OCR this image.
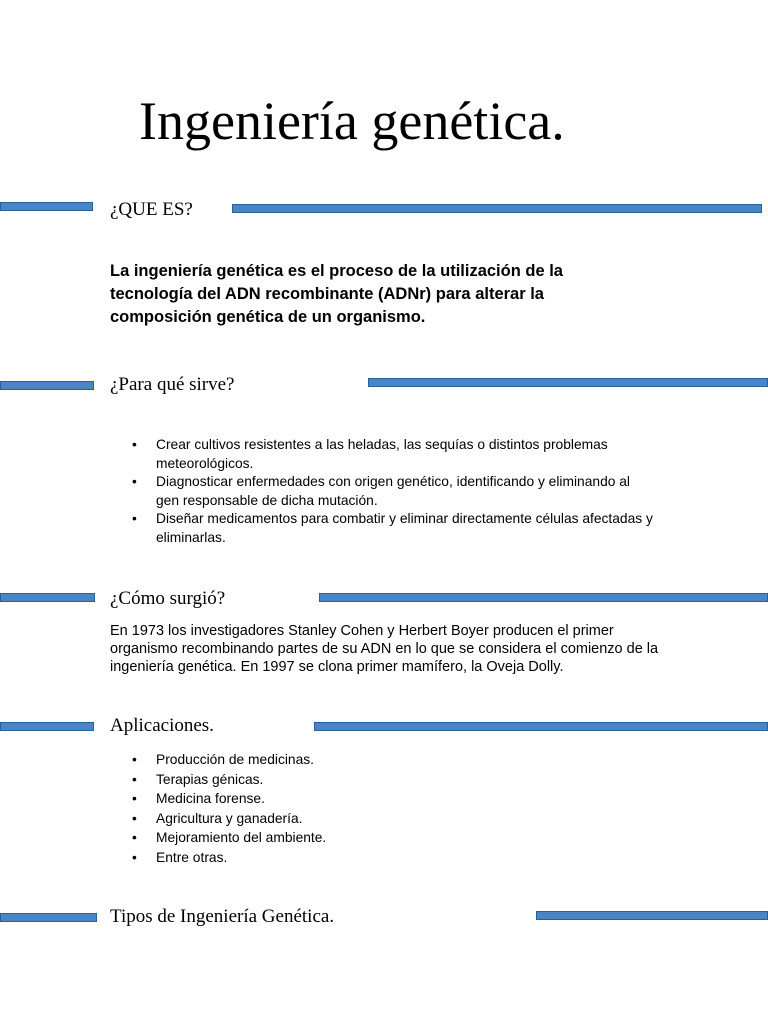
Ingeniería genética.
¿QUE ES?

La ingeniería genética es el proceso de la utilización de la tecnología del ADN recombinante (ADNr) para alterar la composición genética de un organismo.

¿Para qué sirve?
• Crear cultivos resistentes a las heladas, las sequías o distintos problemas meteorológicos.
• Diagnosticar enfermedades con origen genético, identificando y eliminando al gen responsable de dicha mutación.
• Diseñar medicamentos para combatir y eliminar directamente células afectadas y eliminarlas.
¿Cómo surgió?

En 1973 los investigadores Stanley Cohen y Herbert Boyer producen el primer organismo recombinando partes de su ADN en lo que se considera el comienzo de la ingeniería genética. En 1997 se clona primer mamífero, la Oveja Dolly.

Aplicaciones.
• Producción de medicinas.
• Terapias génicas.
• Medicina forense.
• Agricultura y ganadería.
• Mejoramiento del ambiente.
• Entre otras.
Tipos de Ingeniería Genética.
